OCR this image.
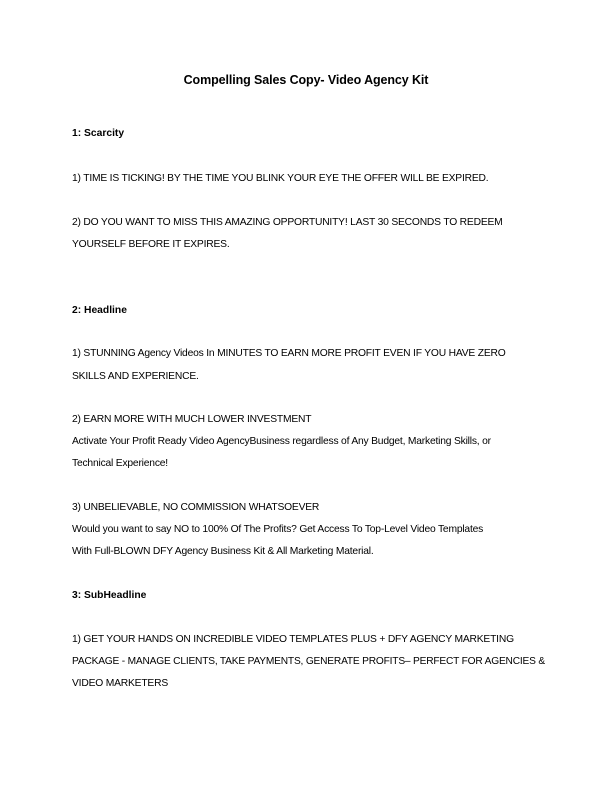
Compelling Sales Copy- Video Agency Kit
1: Scarcity
1) TIME IS TICKING! BY THE TIME YOU BLINK YOUR EYE THE OFFER WILL BE EXPIRED.
2) DO YOU WANT TO MISS THIS AMAZING OPPORTUNITY! LAST 30 SECONDS TO REDEEM
YOURSELF BEFORE IT EXPIRES.
2: Headline
1) STUNNING Agency Videos In MINUTES TO EARN MORE PROFIT EVEN IF YOU HAVE ZERO
SKILLS AND EXPERIENCE.
2) EARN MORE WITH MUCH LOWER INVESTMENT
Activate Your Profit Ready Video AgencyBusiness regardless of Any Budget, Marketing Skills, or
Technical Experience!
3) UNBELIEVABLE, NO COMMISSION WHATSOEVER
Would you want to say NO to 100% Of The Profits? Get Access To Top-Level Video Templates
With Full-BLOWN DFY Agency Business Kit & All Marketing Material.
3: SubHeadline
1) GET YOUR HANDS ON INCREDIBLE VIDEO TEMPLATES PLUS + DFY AGENCY MARKETING
PACKAGE - MANAGE CLIENTS, TAKE PAYMENTS, GENERATE PROFITS– PERFECT FOR AGENCIES &
VIDEO MARKETERS
